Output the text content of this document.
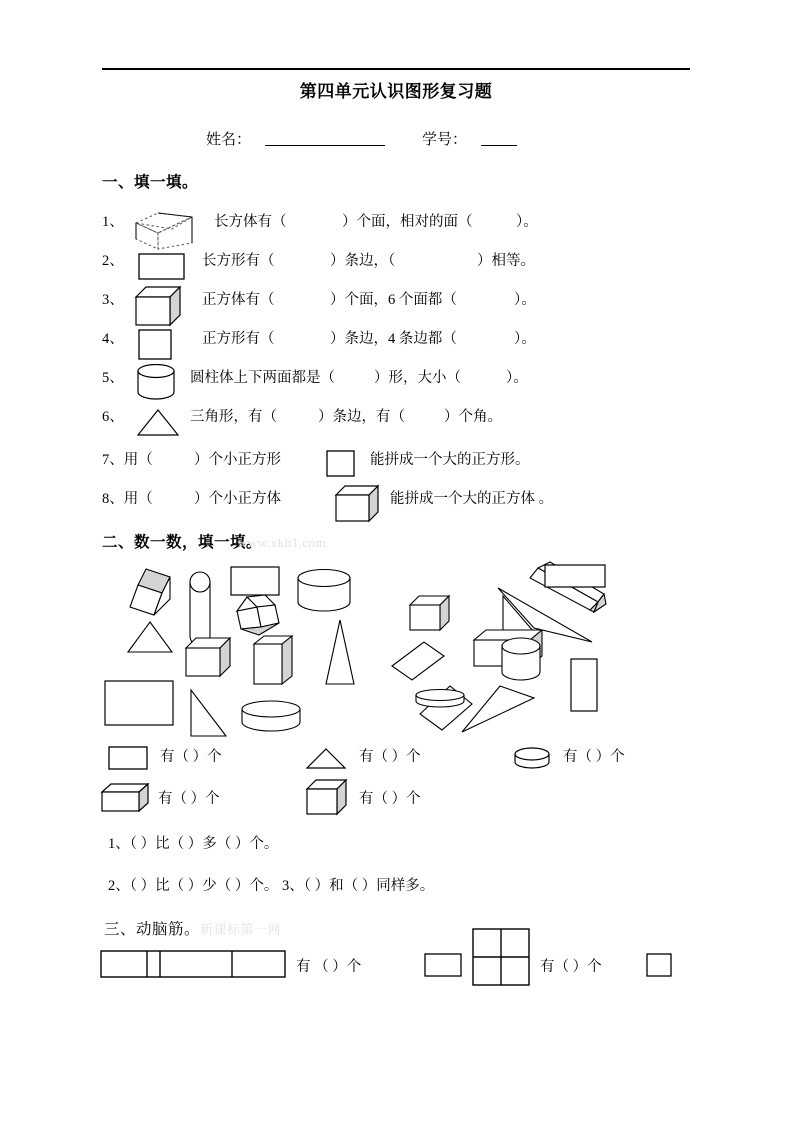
第四单元认识图形复习题
姓名：	学号：
一、填一填。
1、	长方体有（	）个面，相对的面（	）。
2、	长方形有（	）条边，（	）相等。
3、	正方体有（	）个面，6 个面都（	）。
4、	正方形有（	）条边，4 条边都（	）。
5、	圆柱体上下两面都是（	）形，大小（	）。
6、	三角形，有（	）条边，有（	）个角。
7、用（	）个小正方形	能拼成一个大的正方形。
8、用（	）个小正方体	能拼成一个大的正方体 。
二、数一数，填一填。
www.xkb1.com
有（ ）个	有（ ）个	有（ ）个
有（ ）个	有（ ）个
1、（ ）比（ ）多（ ）个。
2、（ ）比（ ）少（ ）个。 3、（ ）和（ ）同样多。
三、动脑筋。 新课标第一网
有 （ ）个	有（ ）个
